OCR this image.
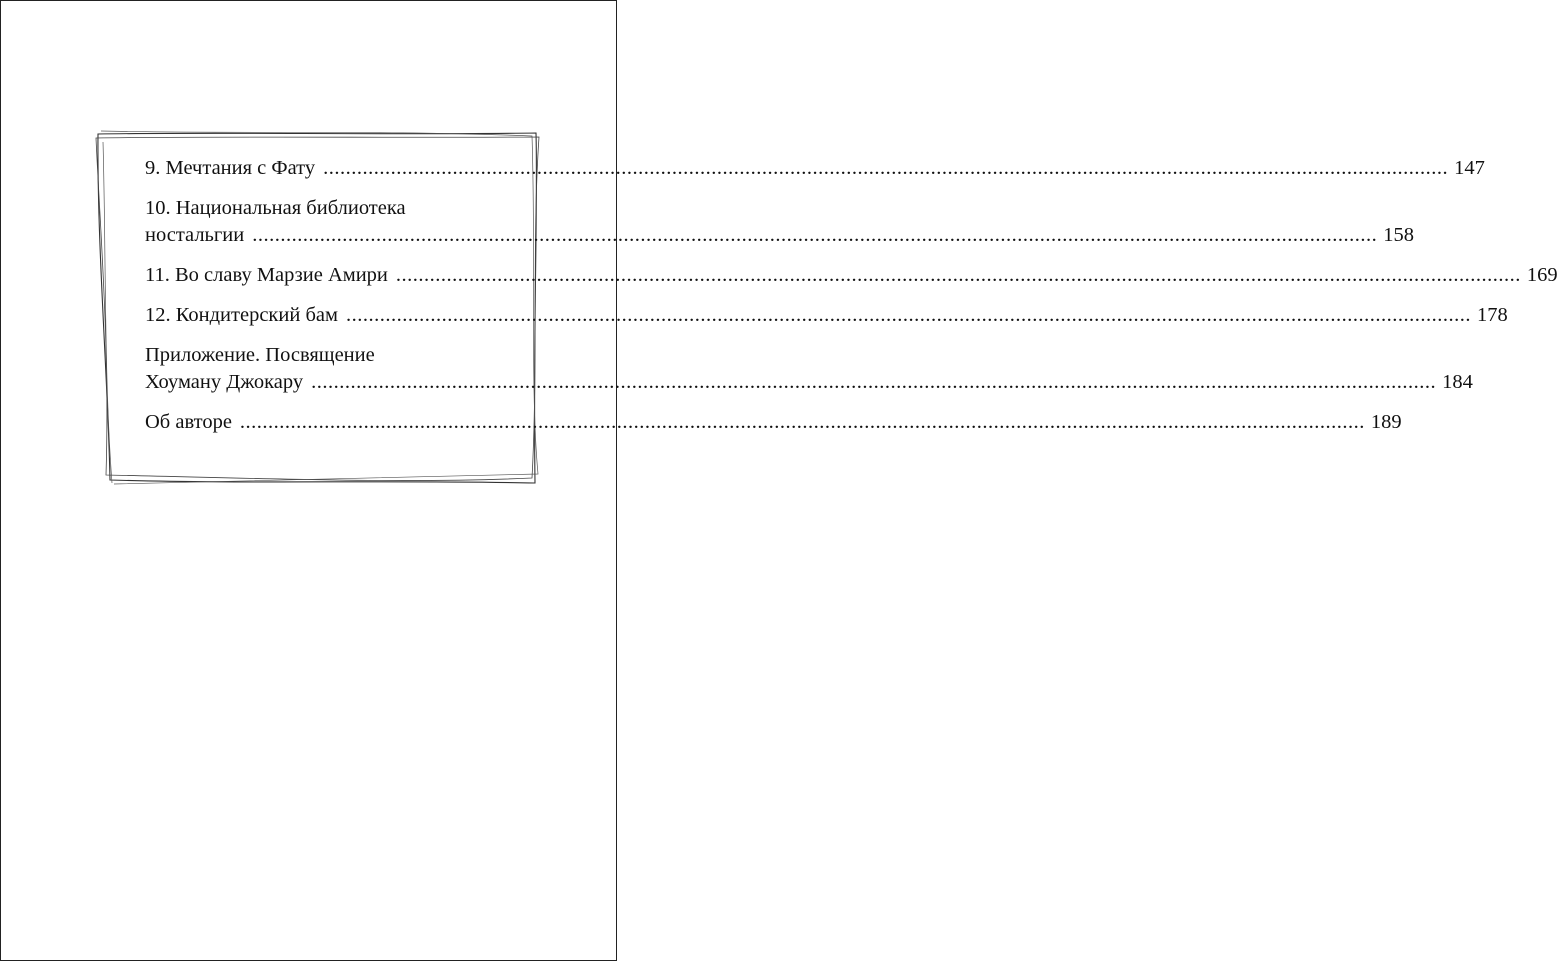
9. Мечтания с Фату ........................................................................................................................................................................................................ 147
10. Национальная библиотека
ностальгии ........................................................................................................................................................................................................ 158
11. Во славу Марзие Амири ........................................................................................................................................................................................................ 169
12. Кондитерский бам ........................................................................................................................................................................................................ 178
Приложение. Посвящение
Хоуману Джокару ........................................................................................................................................................................................................ 184
Об авторе ........................................................................................................................................................................................................ 189
